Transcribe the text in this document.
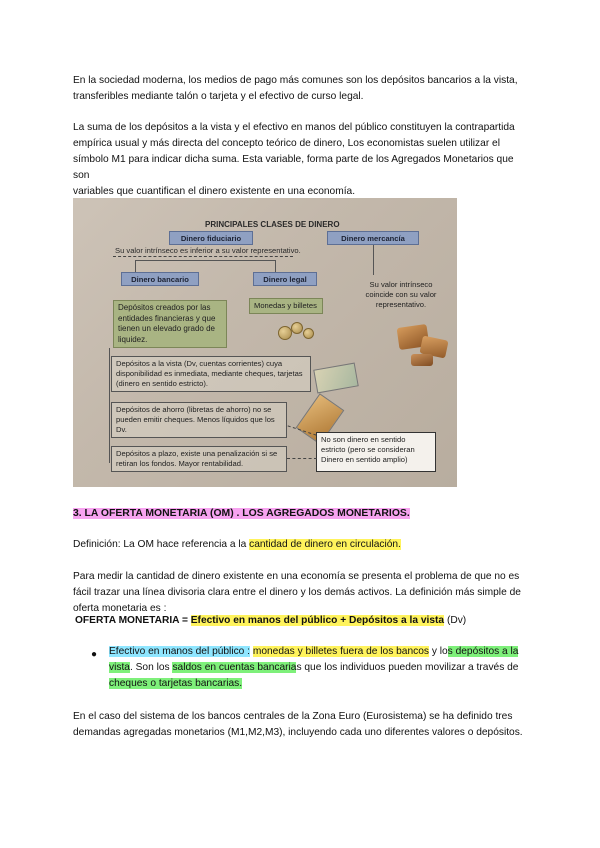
En la sociedad moderna, los medios de pago más comunes son los depósitos bancarios a la vista,
transferibles mediante talón o tarjeta y el efectivo de curso legal.

La suma de los depósitos a la vista y el efectivo en manos del público constituyen la contrapartida
empírica usual y más directa del concepto teórico de dinero, Los economistas suelen utilizar el
símbolo M1 para indicar dicha suma. Esta variable, forma parte de los Agregados Monetarios que son
variables que cuantifican el dinero existente en una economía.

PRINCIPALES CLASES DE DINERO
Dinero fiduciario	Dinero mercancía
Su valor intrínseco es inferior a su valor representativo.
Dinero bancario	Dinero legal
Su valor intrínseco coincide con su valor representativo.
Depósitos creados por las entidades financieras y que tienen un elevado grado de liquidez.
Monedas y billetes
Depósitos a la vista (Dv, cuentas corrientes) cuya disponibilidad es inmediata, mediante cheques, tarjetas (dinero en sentido estricto).
Depósitos de ahorro (libretas de ahorro) no se pueden emitir cheques. Menos líquidos que los Dv.
Depósitos a plazo, existe una penalización si se retiran los fondos. Mayor rentabilidad.
No son dinero en sentido estricto (pero se consideran Dinero en sentido amplio)

3. LA OFERTA MONETARIA (OM) . LOS AGREGADOS MONETARIOS.

Definición: La OM hace referencia a la cantidad de dinero en circulación.

Para medir la cantidad de dinero existente en una economía se presenta el problema de que no es
fácil trazar una línea divisoria clara entre el dinero y los demás activos. La definición más simple de
oferta monetaria es :

OFERTA MONETARIA = Efectivo en manos del público + Depósitos a la vista (Dv)

●	Efectivo en manos del público : monedas y billetes fuera de los bancos y los depósitos a la
vista. Son los saldos en cuentas bancarias que los individuos pueden movilizar a través de
cheques o tarjetas bancarias.

En el caso del sistema de los bancos centrales de la Zona Euro (Eurosistema) se ha definido tres
demandas agregadas monetarios (M1,M2,M3), incluyendo cada uno diferentes valores o depósitos.
